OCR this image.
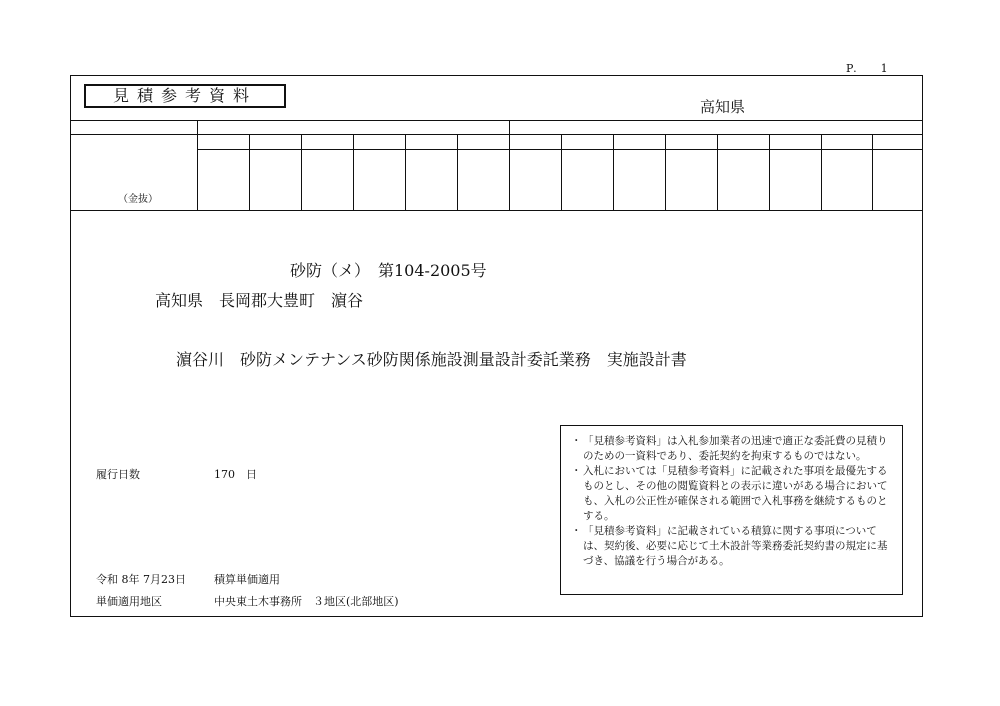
P.    1
見積参考資料
高知県
（金抜）
砂防（メ）　第104-2005号
高知県　長岡郡大豊町　濵谷
濵谷川　砂防メンテナンス砂防関係施設測量設計委託業務　実施設計書
履行日数	170　日
令和 8年 7月23日	積算単価適用
単価適用地区	中央東土木事務所　３地区(北部地区)
・ 「見積参考資料」は入札参加業者の迅速で適正な委託費の見積りのための一資料であり、委託契約を拘束するものではない。
・ 入札においては「見積参考資料」に記載された事項を最優先するものとし、その他の閲覧資料との表示に違いがある場合においても、入札の公正性が確保される範囲で入札事務を継続するものとする。
・ 「見積参考資料」に記載されている積算に関する事項については、契約後、必要に応じて土木設計等業務委託契約書の規定に基づき、協議を行う場合がある。
